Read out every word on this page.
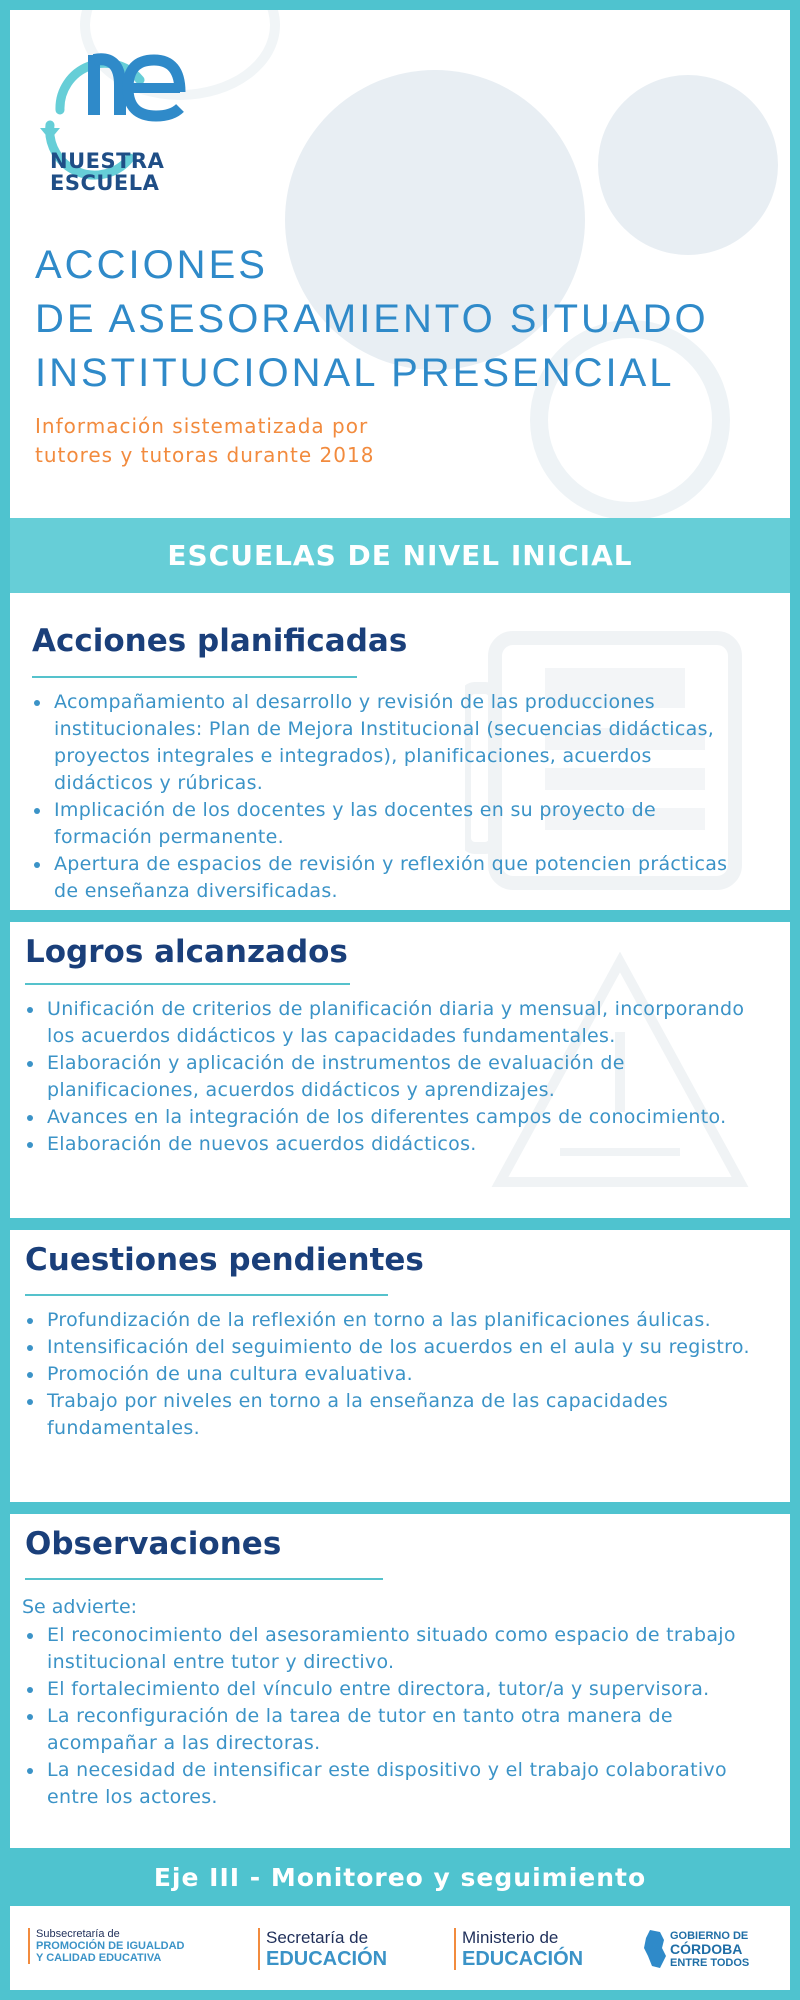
NUESTRA
ESCUELA
ACCIONES
DE ASESORAMIENTO SITUADO
INSTITUCIONAL PRESENCIAL
Información sistematizada por
tutores y tutoras durante 2018
ESCUELAS DE NIVEL INICIAL
Acciones planificadas
Acompañamiento al desarrollo y revisión de las producciones institucionales: Plan de Mejora Institucional (secuencias didácticas, proyectos integrales e integrados), planificaciones, acuerdos didácticos y rúbricas.
Implicación de los docentes y las docentes en su proyecto de formación permanente.
Apertura de espacios de revisión y reflexión que potencien prácticas de enseñanza diversificadas.
Logros alcanzados
Unificación de criterios de planificación diaria y mensual, incorporando los acuerdos didácticos y las capacidades fundamentales.
Elaboración y aplicación de instrumentos de evaluación de planificaciones, acuerdos didácticos y aprendizajes.
Avances en la integración de los diferentes campos de conocimiento.
Elaboración de nuevos acuerdos didácticos.
Cuestiones pendientes
Profundización de la reflexión en torno a las planificaciones áulicas.
Intensificación del seguimiento de los acuerdos en el aula y su registro.
Promoción de una cultura evaluativa.
Trabajo por niveles en torno a la enseñanza de las capacidades fundamentales.
Observaciones
Se advierte:
El reconocimiento del asesoramiento situado como espacio de trabajo institucional entre tutor y directivo.
El fortalecimiento del vínculo entre directora, tutor/a y supervisora.
La reconfiguración de la tarea de tutor en tanto otra manera de acompañar a las directoras.
La necesidad de intensificar este dispositivo y el trabajo colaborativo entre los actores.
Eje III - Monitoreo y seguimiento
Subsecretaría de
PROMOCIÓN DE IGUALDAD
Y CALIDAD EDUCATIVA
Secretaría de
EDUCACIÓN
Ministerio de
EDUCACIÓN
GOBIERNO DE
CÓRDOBA
ENTRE TODOS
